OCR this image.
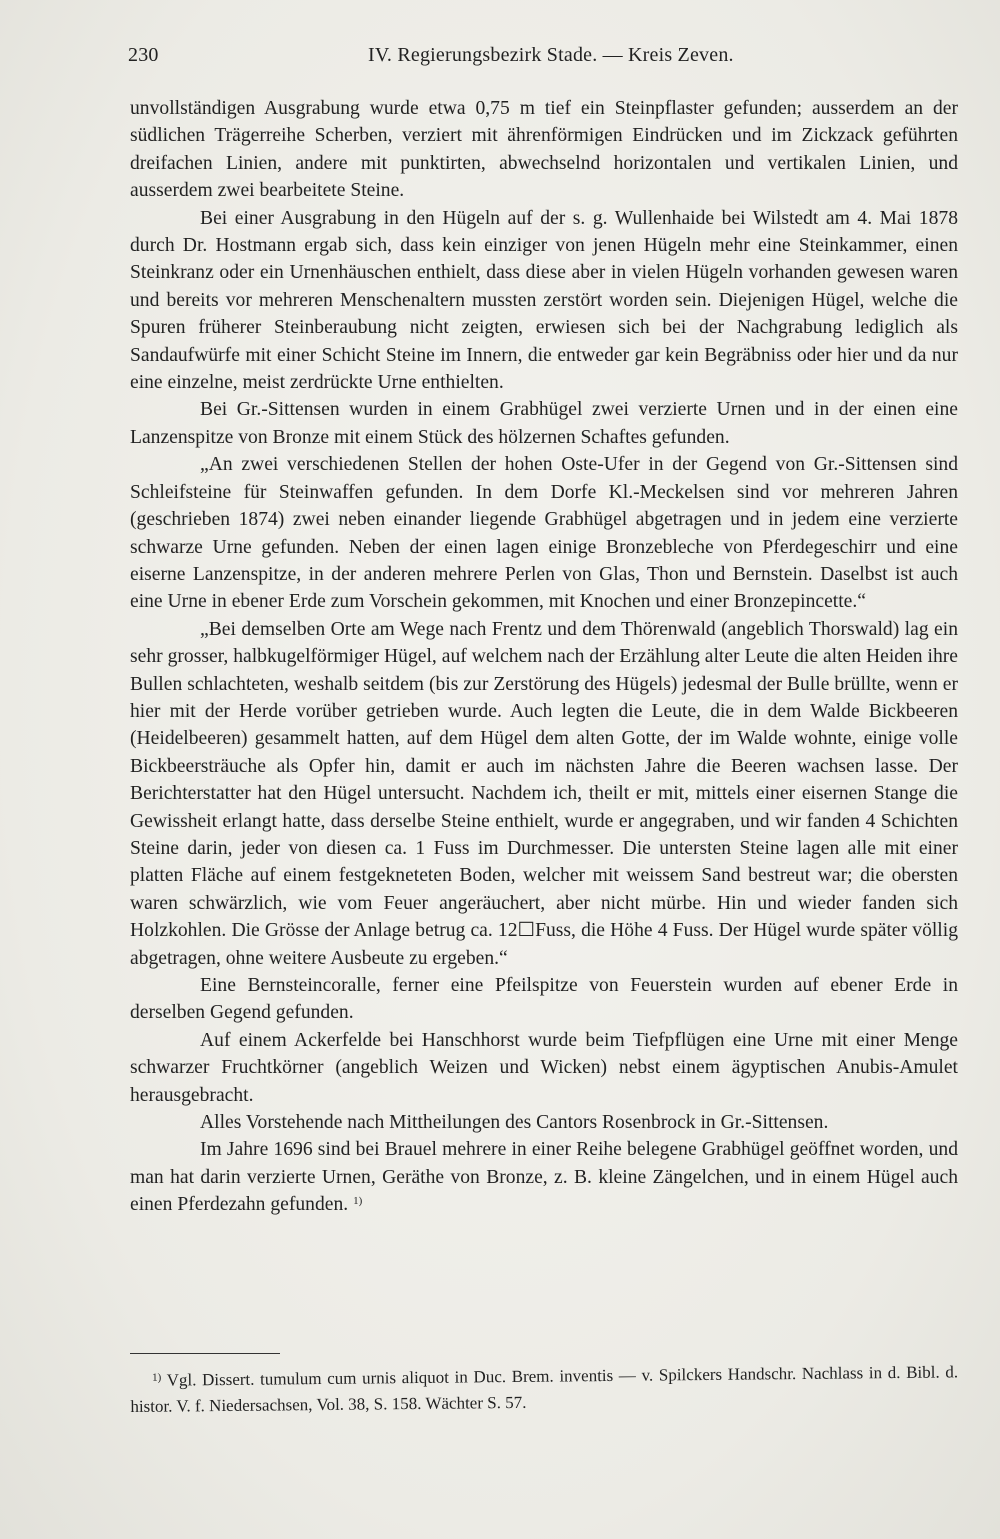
230	IV. Regierungsbezirk Stade. — Kreis Zeven.

unvollständigen Ausgrabung wurde etwa 0,75 m tief ein Steinpflaster gefunden; ausserdem an der südlichen Trägerreihe Scherben, verziert mit ährenförmigen Eindrücken und im Zickzack geführten dreifachen Linien, andere mit punktirten, abwechselnd horizontalen und vertikalen Linien, und ausserdem zwei bearbeitete Steine.

Bei einer Ausgrabung in den Hügeln auf der s. g. Wullenhaide bei Wilstedt am 4. Mai 1878 durch Dr. Hostmann ergab sich, dass kein einziger von jenen Hügeln mehr eine Steinkammer, einen Steinkranz oder ein Urnenhäuschen enthielt, dass diese aber in vielen Hügeln vorhanden gewesen waren und bereits vor mehreren Menschenaltern mussten zerstört worden sein. Diejenigen Hügel, welche die Spuren früherer Steinberaubung nicht zeigten, erwiesen sich bei der Nachgrabung lediglich als Sandaufwürfe mit einer Schicht Steine im Innern, die entweder gar kein Begräbniss oder hier und da nur eine einzelne, meist zerdrückte Urne enthielten.

Bei Gr.-Sittensen wurden in einem Grabhügel zwei verzierte Urnen und in der einen eine Lanzenspitze von Bronze mit einem Stück des hölzernen Schaftes gefunden.

„An zwei verschiedenen Stellen der hohen Oste-Ufer in der Gegend von Gr.-Sittensen sind Schleifsteine für Steinwaffen gefunden. In dem Dorfe Kl.-Meckelsen sind vor mehreren Jahren (geschrieben 1874) zwei neben einander liegende Grabhügel abgetragen und in jedem eine verzierte schwarze Urne gefunden. Neben der einen lagen einige Bronzebleche von Pferdegeschirr und eine eiserne Lanzenspitze, in der anderen mehrere Perlen von Glas, Thon und Bernstein. Daselbst ist auch eine Urne in ebener Erde zum Vorschein gekommen, mit Knochen und einer Bronzepincette.“

„Bei demselben Orte am Wege nach Frentz und dem Thörenwald (angeblich Thorswald) lag ein sehr grosser, halbkugelförmiger Hügel, auf welchem nach der Erzählung alter Leute die alten Heiden ihre Bullen schlachteten, weshalb seitdem (bis zur Zerstörung des Hügels) jedesmal der Bulle brüllte, wenn er hier mit der Herde vorüber getrieben wurde. Auch legten die Leute, die in dem Walde Bickbeeren (Heidelbeeren) gesammelt hatten, auf dem Hügel dem alten Gotte, der im Walde wohnte, einige volle Bickbeersträuche als Opfer hin, damit er auch im nächsten Jahre die Beeren wachsen lasse. Der Berichterstatter hat den Hügel untersucht. Nachdem ich, theilt er mit, mittels einer eisernen Stange die Gewissheit erlangt hatte, dass derselbe Steine enthielt, wurde er angegraben, und wir fanden 4 Schichten Steine darin, jeder von diesen ca. 1 Fuss im Durchmesser. Die untersten Steine lagen alle mit einer platten Fläche auf einem festgekneteten Boden, welcher mit weissem Sand bestreut war; die obersten waren schwärzlich, wie vom Feuer angeräuchert, aber nicht mürbe. Hin und wieder fanden sich Holzkohlen. Die Grösse der Anlage betrug ca. 12☐Fuss, die Höhe 4 Fuss. Der Hügel wurde später völlig abgetragen, ohne weitere Ausbeute zu ergeben.“

Eine Bernsteincoralle, ferner eine Pfeilspitze von Feuerstein wurden auf ebener Erde in derselben Gegend gefunden.

Auf einem Ackerfelde bei Hanschhorst wurde beim Tiefpflügen eine Urne mit einer Menge schwarzer Fruchtkörner (angeblich Weizen und Wicken) nebst einem ägyptischen Anubis-Amulet herausgebracht.

Alles Vorstehende nach Mittheilungen des Cantors Rosenbrock in Gr.-Sittensen.

Im Jahre 1696 sind bei Brauel mehrere in einer Reihe belegene Grabhügel geöffnet worden, und man hat darin verzierte Urnen, Geräthe von Bronze, z. B. kleine Zängelchen, und in einem Hügel auch einen Pferdezahn gefunden. $^{1)}$

$^{1)}$ Vgl. Dissert. tumulum cum urnis aliquot in Duc. Brem. inventis — v. Spilckers Handschr. Nachlass in d. Bibl. d. histor. V. f. Niedersachsen, Vol. 38, S. 158. Wächter S. 57.
